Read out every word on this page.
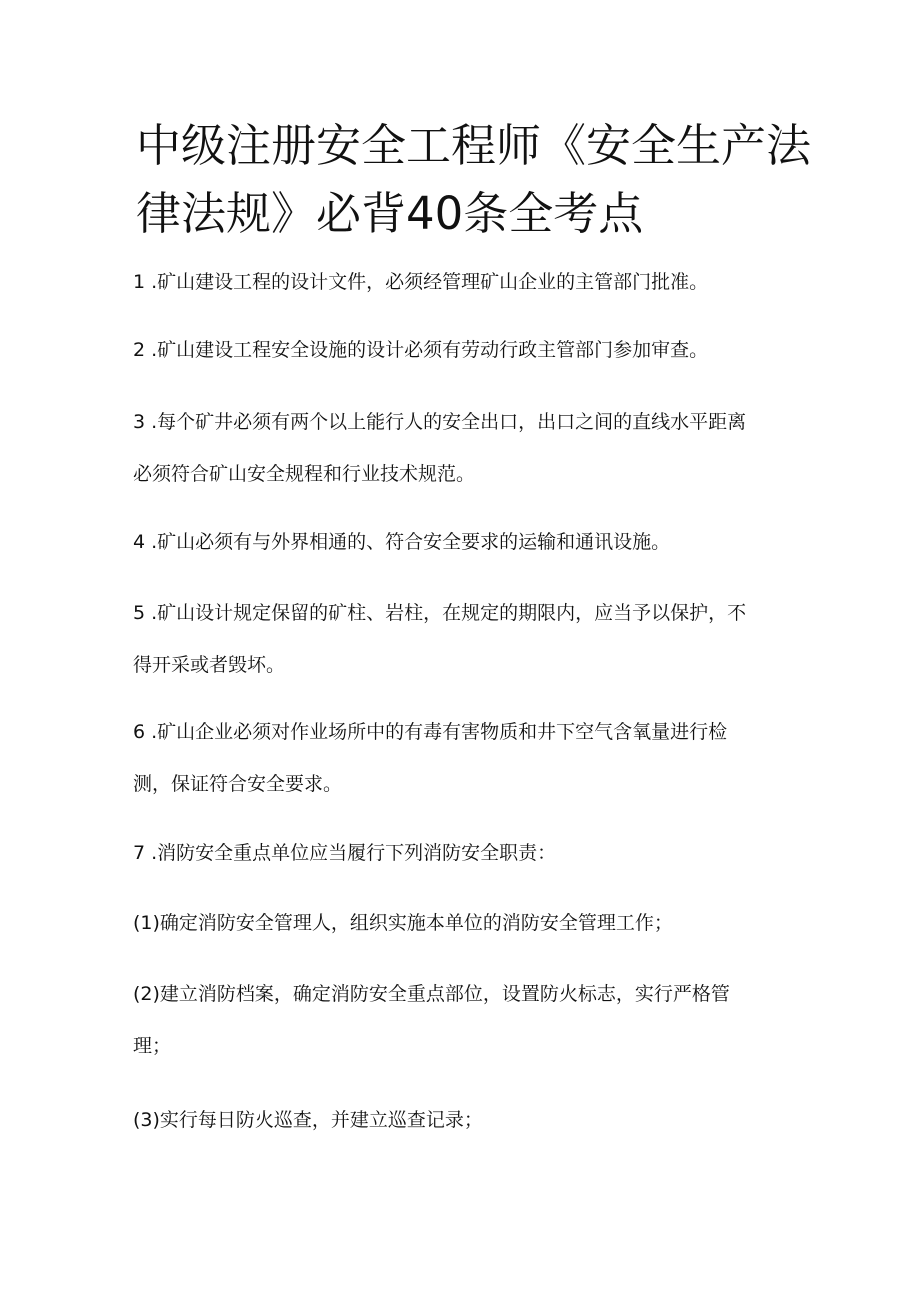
中级注册安全工程师《安全生产法
律法规》必背40条全考点

1 .矿山建设工程的设计文件，必须经管理矿山企业的主管部门批准。

2 .矿山建设工程安全设施的设计必须有劳动行政主管部门参加审查。

3 .每个矿井必须有两个以上能行人的安全出口，出口之间的直线水平距离
必须符合矿山安全规程和行业技术规范。

4 .矿山必须有与外界相通的、符合安全要求的运输和通讯设施。

5 .矿山设计规定保留的矿柱、岩柱，在规定的期限内，应当予以保护，不
得开采或者毁坏。

6 .矿山企业必须对作业场所中的有毒有害物质和井下空气含氧量进行检
测，保证符合安全要求。

7 .消防安全重点单位应当履行下列消防安全职责：

(1)确定消防安全管理人，组织实施本单位的消防安全管理工作；

(2)建立消防档案，确定消防安全重点部位，设置防火标志，实行严格管
理；

(3)实行每日防火巡查，并建立巡查记录；
